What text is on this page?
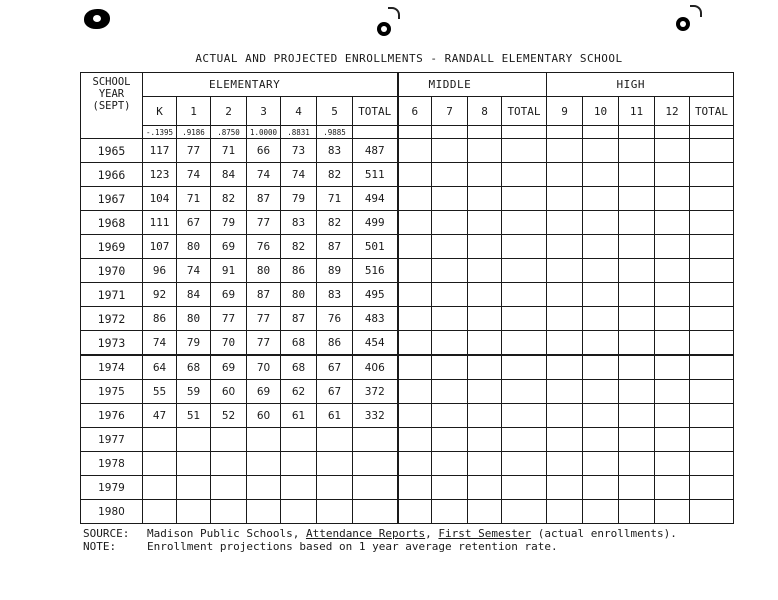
ACTUAL AND PROJECTED ENROLLMENTS - RANDALL ELEMENTARY SCHOOL
SCHOOL
YEAR
(SEPT)	ELEMENTARY							MIDDLE				HIGH				
	K	1	2	3	4	5	TOTAL	6	7	8	TOTAL	9	10	11	12	TOTAL
	-.1395	.9186	.8750	1.0000	.8831	.9885										
1965	117	77	71	66	73	83	487									
1966	123	74	84	74	74	82	511									
1967	104	71	82	87	79	71	494									
1968	111	67	79	77	83	82	499									
1969	107	80	69	76	82	87	501									
1970	96	74	91	80	86	89	516									
1971	92	84	69	87	80	83	495									
1972	86	80	77	77	87	76	483									
1973	74	79	70	77	68	86	454									
1974	64	68	69	70	68	67	406									
1975	55	59	60	69	62	67	372									
1976	47	51	52	60	61	61	332									
1977																
1978																
1979																
1980																
SOURCE: Madison Public Schools, Attendance Reports, First Semester (actual enrollments).
NOTE:	Enrollment projections based on 1 year average retention rate.
